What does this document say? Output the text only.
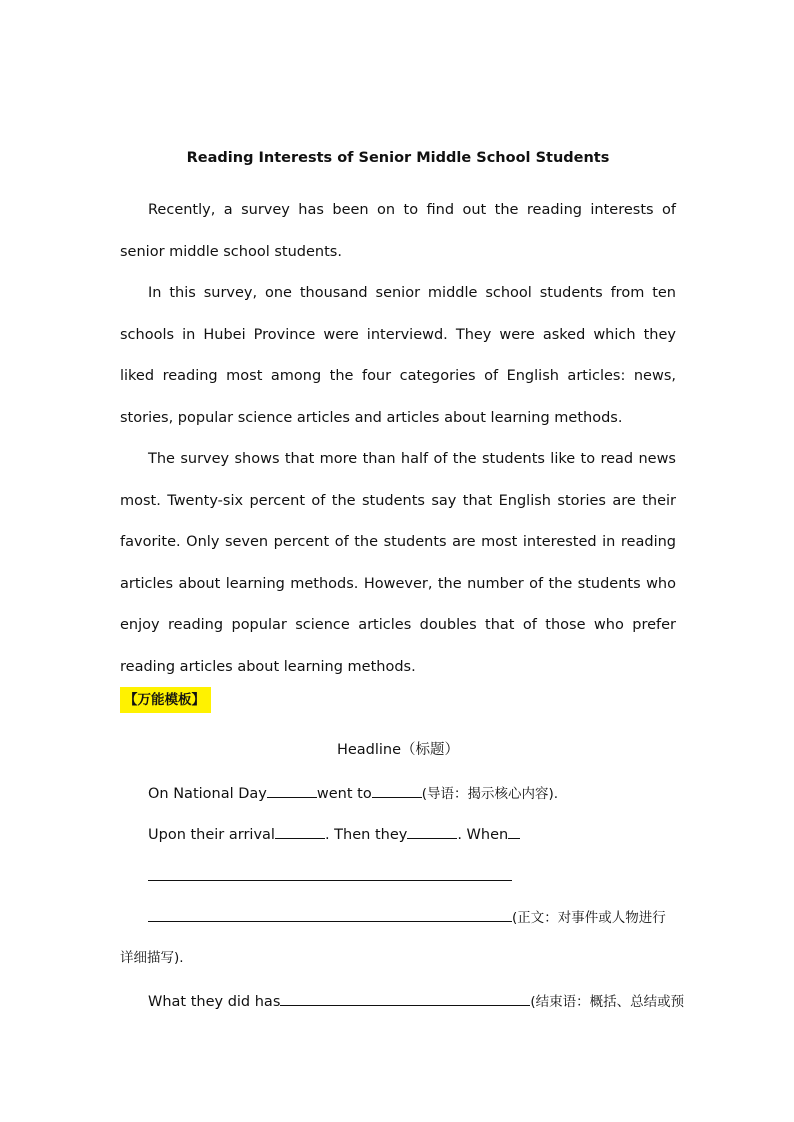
Reading Interests of Senior Middle School Students
Recently, a survey has been on to find out the reading interests of senior middle school students.
In this survey, one thousand senior middle school students from ten schools in Hubei Province were interviewd. They were asked which they liked reading most among the four categories of English articles: news, stories, popular science articles and articles about learning methods.
The survey shows that more than half of the students like to read news most. Twenty-six percent of the students say that English stories are their favorite. Only seven percent of the students are most interested in reading articles about learning methods. However, the number of the students who enjoy reading popular science articles doubles that of those who prefer reading articles about learning methods.
【万能模板】
Headline（标题）
On National Day	went to	(导语：揭示核心内容).
Upon their arrival	. Then they	. When
(正文：对事件或人物进行
详细描写).
What they did has	(结束语：概括、总结或预
